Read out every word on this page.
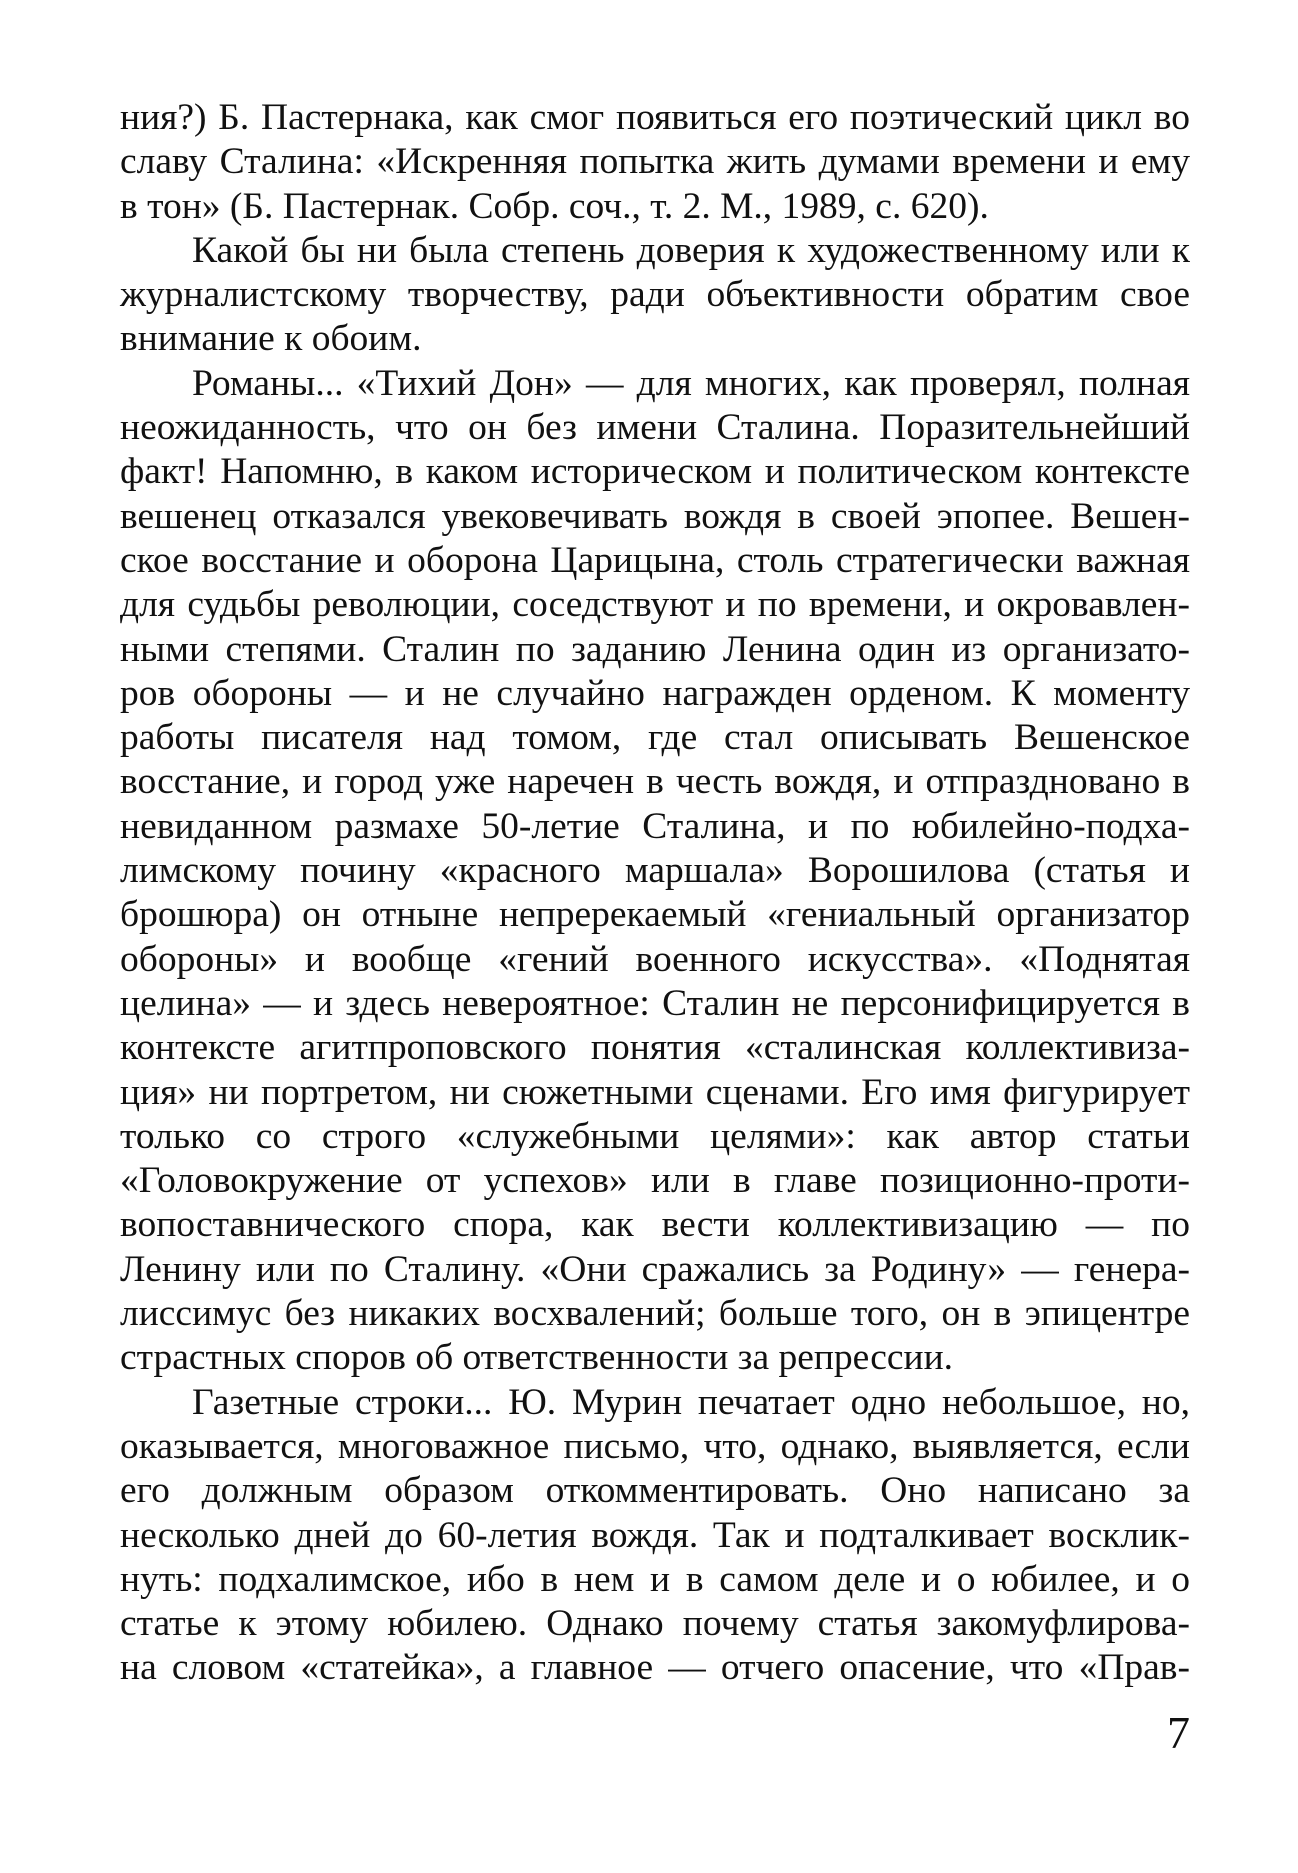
ния?) Б. Пастернака, как смог появиться его поэтический цикл во
славу Сталина: «Искренняя попытка жить думами времени и ему
в тон» (Б. Пастернак. Собр. соч., т. 2. М., 1989, с. 620).
Какой бы ни была степень доверия к художественному или к
журналистскому творчеству, ради объективности обратим свое
внимание к обоим.
Романы... «Тихий Дон» — для многих, как проверял, полная
неожиданность, что он без имени Сталина. Поразительнейший
факт! Напомню, в каком историческом и политическом контексте
вешенец отказался увековечивать вождя в своей эпопее. Вешен-
ское восстание и оборона Царицына, столь стратегически важная
для судьбы революции, соседствуют и по времени, и окровавлен-
ными степями. Сталин по заданию Ленина один из организато-
ров обороны — и не случайно награжден орденом. К моменту
работы писателя над томом, где стал описывать Вешенское
восстание, и город уже наречен в честь вождя, и отпраздновано в
невиданном размахе 50-летие Сталина, и по юбилейно-подха-
лимскому почину «красного маршала» Ворошилова (статья и
брошюра) он отныне непререкаемый «гениальный организатор
обороны» и вообще «гений военного искусства». «Поднятая
целина» — и здесь невероятное: Сталин не персонифицируется в
контексте агитпроповского понятия «сталинская коллективиза-
ция» ни портретом, ни сюжетными сценами. Его имя фигурирует
только со строго «служебными целями»: как автор статьи
«Головокружение от успехов» или в главе позиционно-проти-
вопоставнического спора, как вести коллективизацию — по
Ленину или по Сталину. «Они сражались за Родину» — генера-
лиссимус без никаких восхвалений; больше того, он в эпицентре
страстных споров об ответственности за репрессии.
Газетные строки... Ю. Мурин печатает одно небольшое, но,
оказывается, многоважное письмо, что, однако, выявляется, если
его должным образом откомментировать. Оно написано за
несколько дней до 60-летия вождя. Так и подталкивает восклик-
нуть: подхалимское, ибо в нем и в самом деле и о юбилее, и о
статье к этому юбилею. Однако почему статья закомуфлирова-
на словом «статейка», а главное — отчего опасение, что «Прав-
7
